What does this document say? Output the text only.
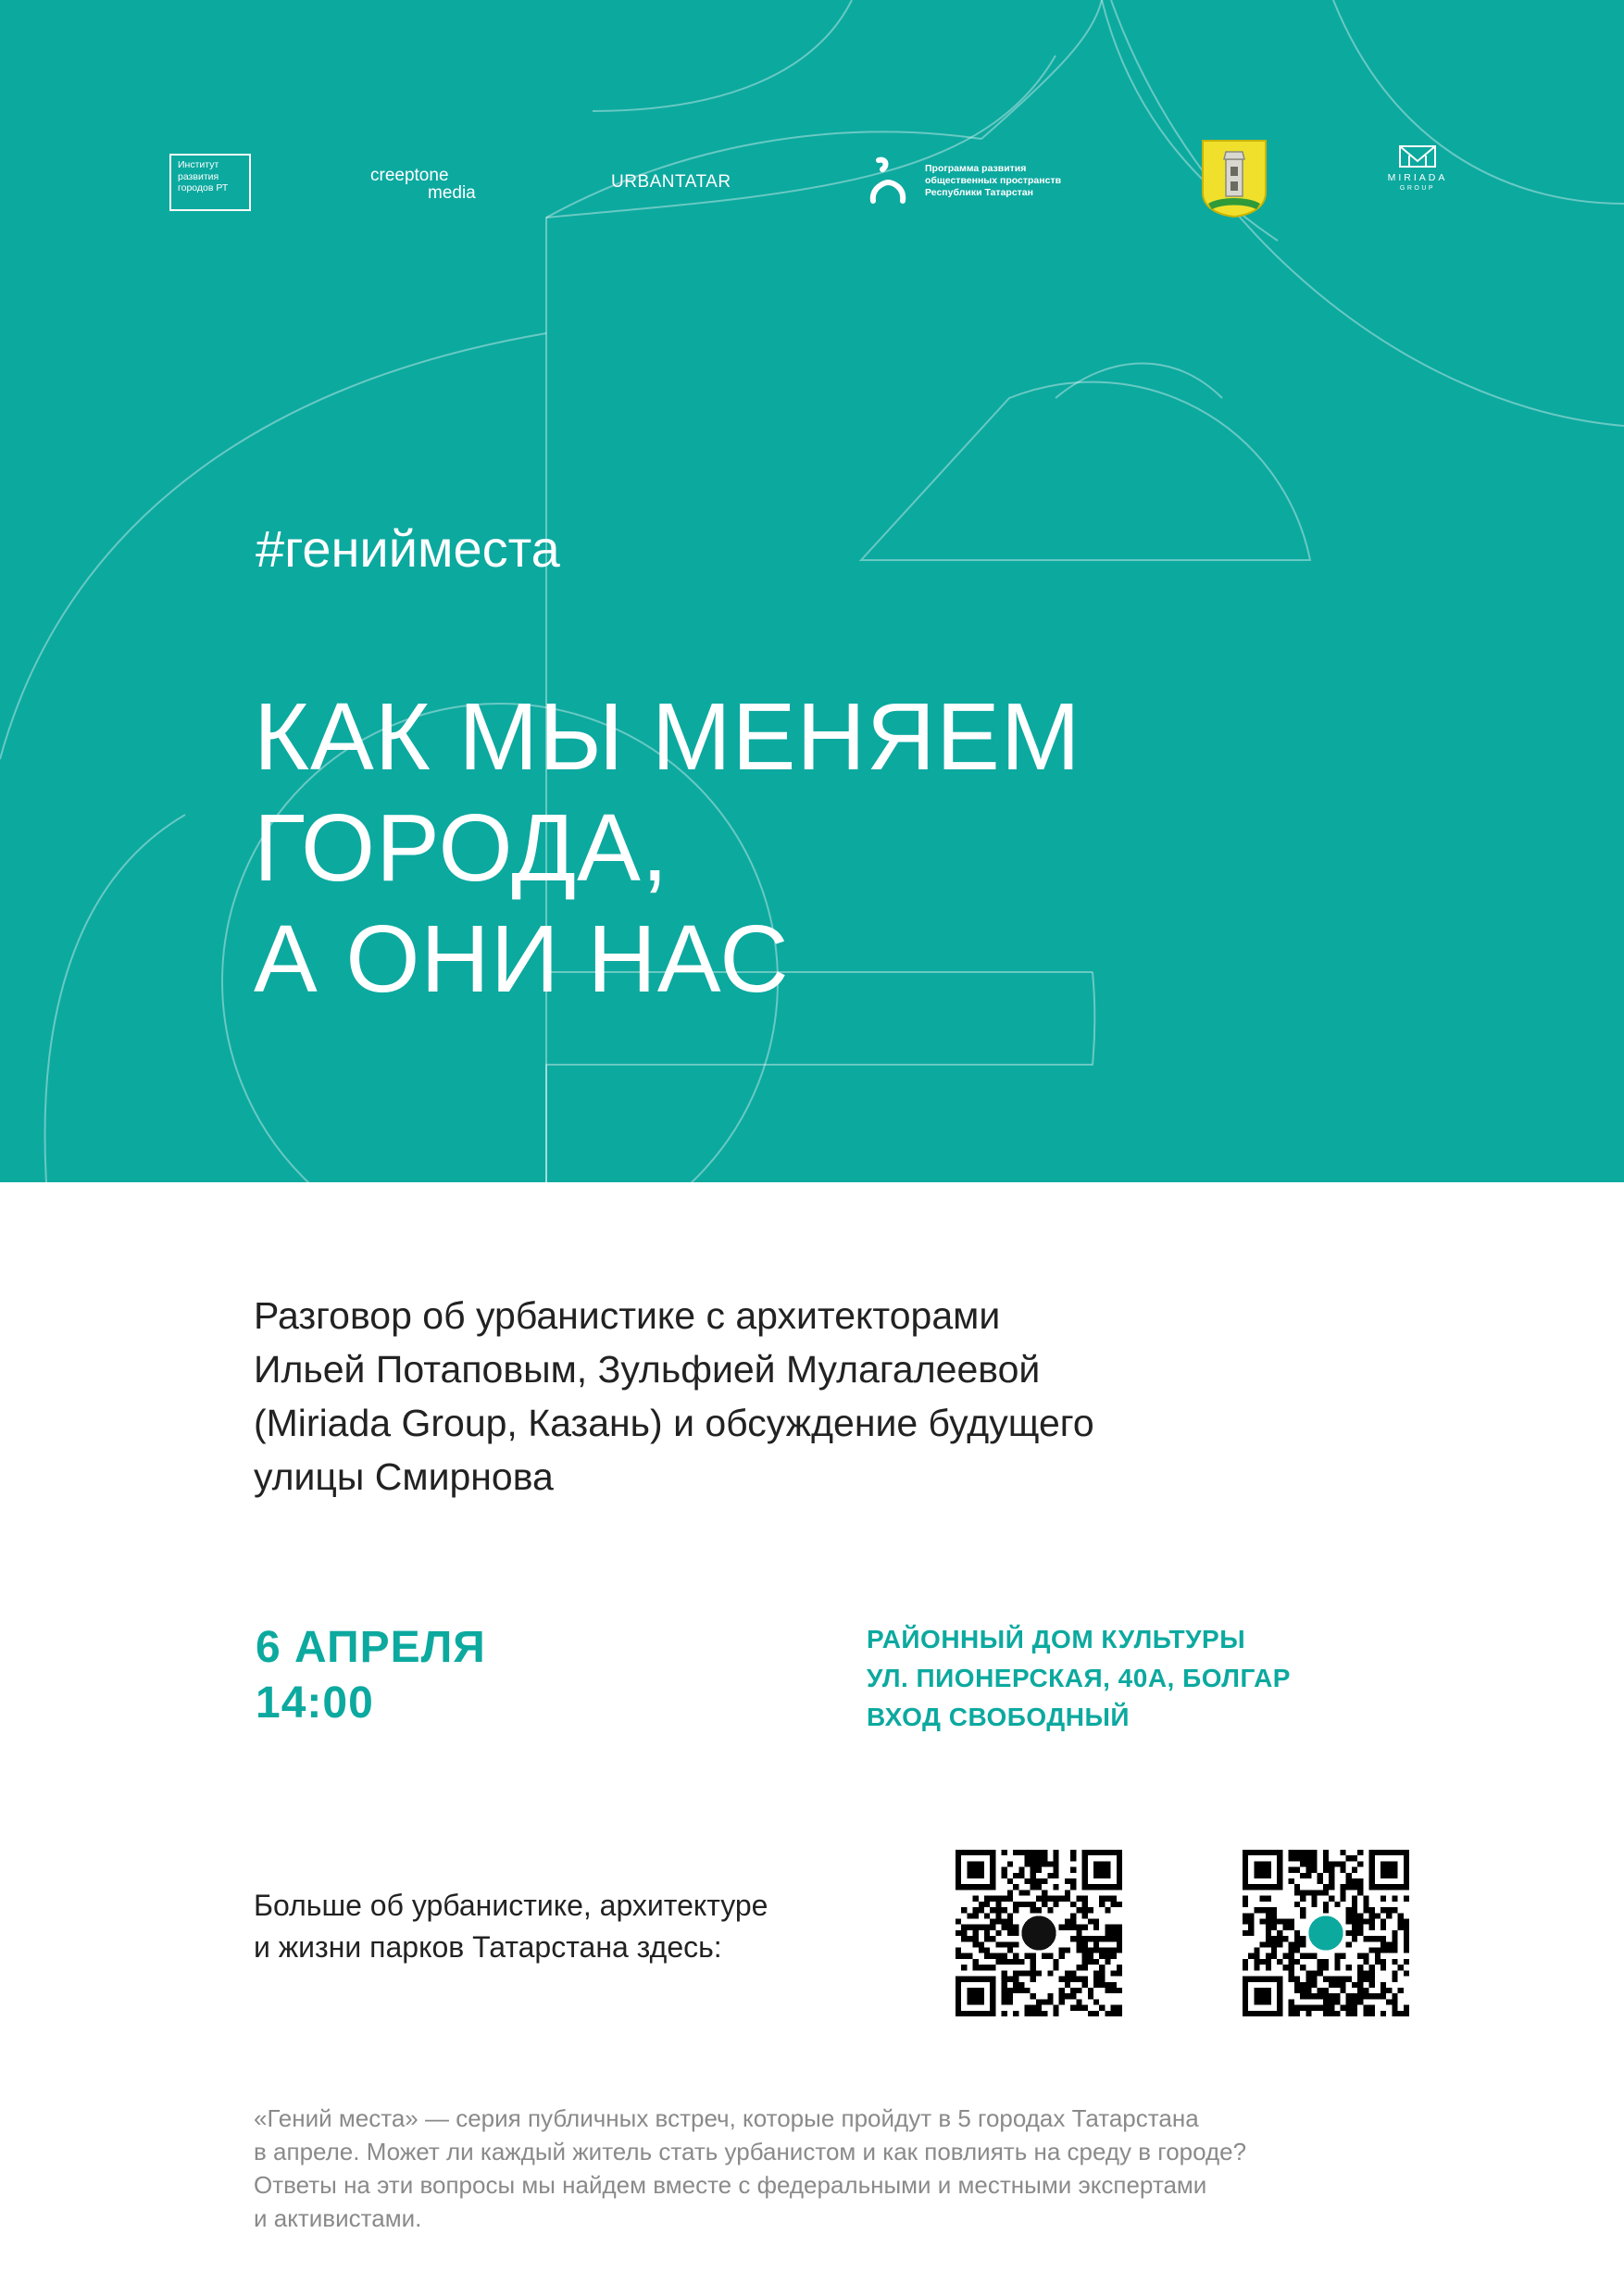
Институт
развития
городов РТ
creeptone
media
URBANTATAR
Программа развития
общественных пространств
Республики Татарстан
MIRIADA
GROUP
#генийместа
КАК МЫ МЕНЯЕМ
ГОРОДА,
А ОНИ НАС

Разговор об урбанистике с архитекторами
Ильей Потаповым, Зульфией Мулагалеевой
(Miriada Group, Казань) и обсуждение будущего
улицы Смирнова

6 АПРЕЛЯ
14:00
РАЙОННЫЙ ДОМ КУЛЬТУРЫ
УЛ. ПИОНЕРСКАЯ, 40А, БОЛГАР
ВХОД СВОБОДНЫЙ
Больше об урбанистике, архитектуре
и жизни парков Татарстана здесь:
«Гений места» — серия публичных встреч, которые пройдут в 5 городах Татарстана
в апреле. Может ли каждый житель стать урбанистом и как повлиять на среду в городе?
Ответы на эти вопросы мы найдем вместе с федеральными и местными экспертами
и активистами.
